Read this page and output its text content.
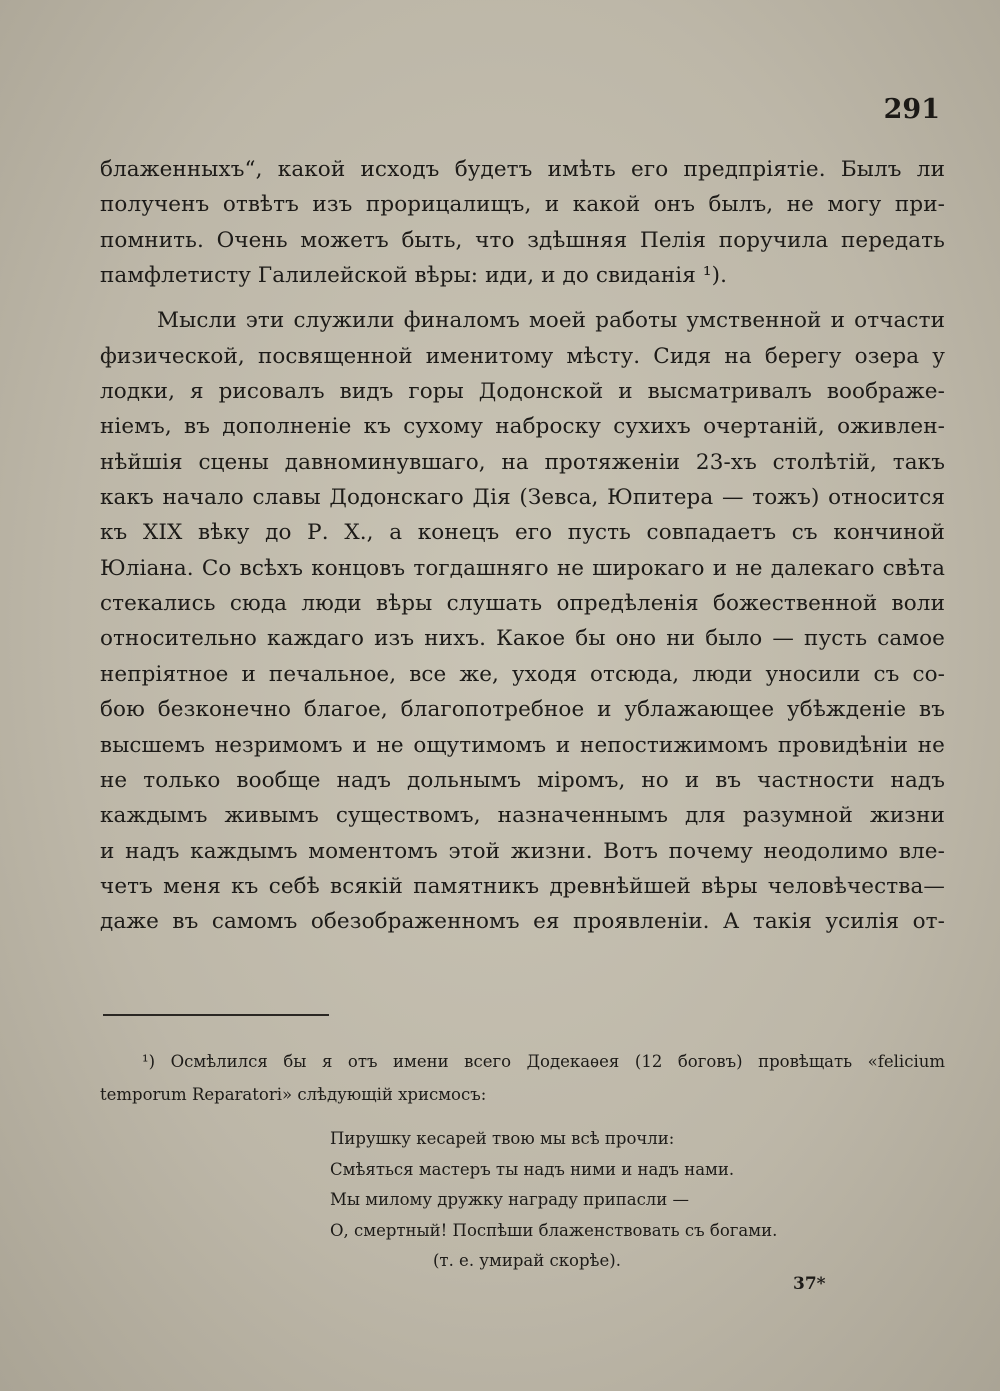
291
блаженныхъ“, какой исходъ будетъ имѣть его предпріятіе. Былъ ли
полученъ отвѣтъ изъ прорицалищъ, и какой онъ былъ, не могу при-
помнить. Очень можетъ быть, что здѣшняя Пелія поручила передать
памфлетисту Галилейской вѣры: иди, и до свиданія ¹).
Мысли эти служили финаломъ моей работы умственной и отчасти
физической, посвященной именитому мѣсту. Сидя на берегу озера у
лодки, я рисовалъ видъ горы Додонской и высматривалъ воображе-
ніемъ, въ дополненіе къ сухому наброску сухихъ очертаній, оживлен-
нѣйшія сцены давноминувшаго, на протяженіи 23-хъ столѣтій, такъ
какъ начало славы Додонскаго Дія (Зевса, Юпитера — тожъ) относится
къ XIX вѣку до Р. Х., а конецъ его пусть совпадаетъ съ кончиной
Юліана. Со всѣхъ концовъ тогдашняго не широкаго и не далекаго свѣта
стекались сюда люди вѣры слушать опредѣленія божественной воли
относительно каждаго изъ нихъ. Какое бы оно ни было — пусть самое
непріятное и печальное, все же, уходя отсюда, люди уносили съ со-
бою безконечно благое, благопотребное и ублажающее убѣжденіе въ
высшемъ незримомъ и не ощутимомъ и непостижимомъ провидѣніи не
не только вообще надъ дольнымъ міромъ, но и въ частности надъ
каждымъ живымъ существомъ, назначеннымъ для разумной жизни
и надъ каждымъ моментомъ этой жизни. Вотъ почему неодолимо вле-
четъ меня къ себѣ всякій памятникъ древнѣйшей вѣры человѣчества—
даже въ самомъ обезображенномъ ея проявленіи. А такія усилія от-
¹) Осмѣлился бы я отъ имени всего Додекаѳея (12 боговъ) провѣщать «felicium
temporum Reparatori» слѣдующій хрисмосъ:
Пирушку кесарей твою мы всѣ прочли:
Смѣяться мастеръ ты надъ ними и надъ нами.
Мы милому дружку награду припасли —
О, смертный! Поспѣши блаженствовать съ богами.
(т. е. умирай скорѣе).
37*
